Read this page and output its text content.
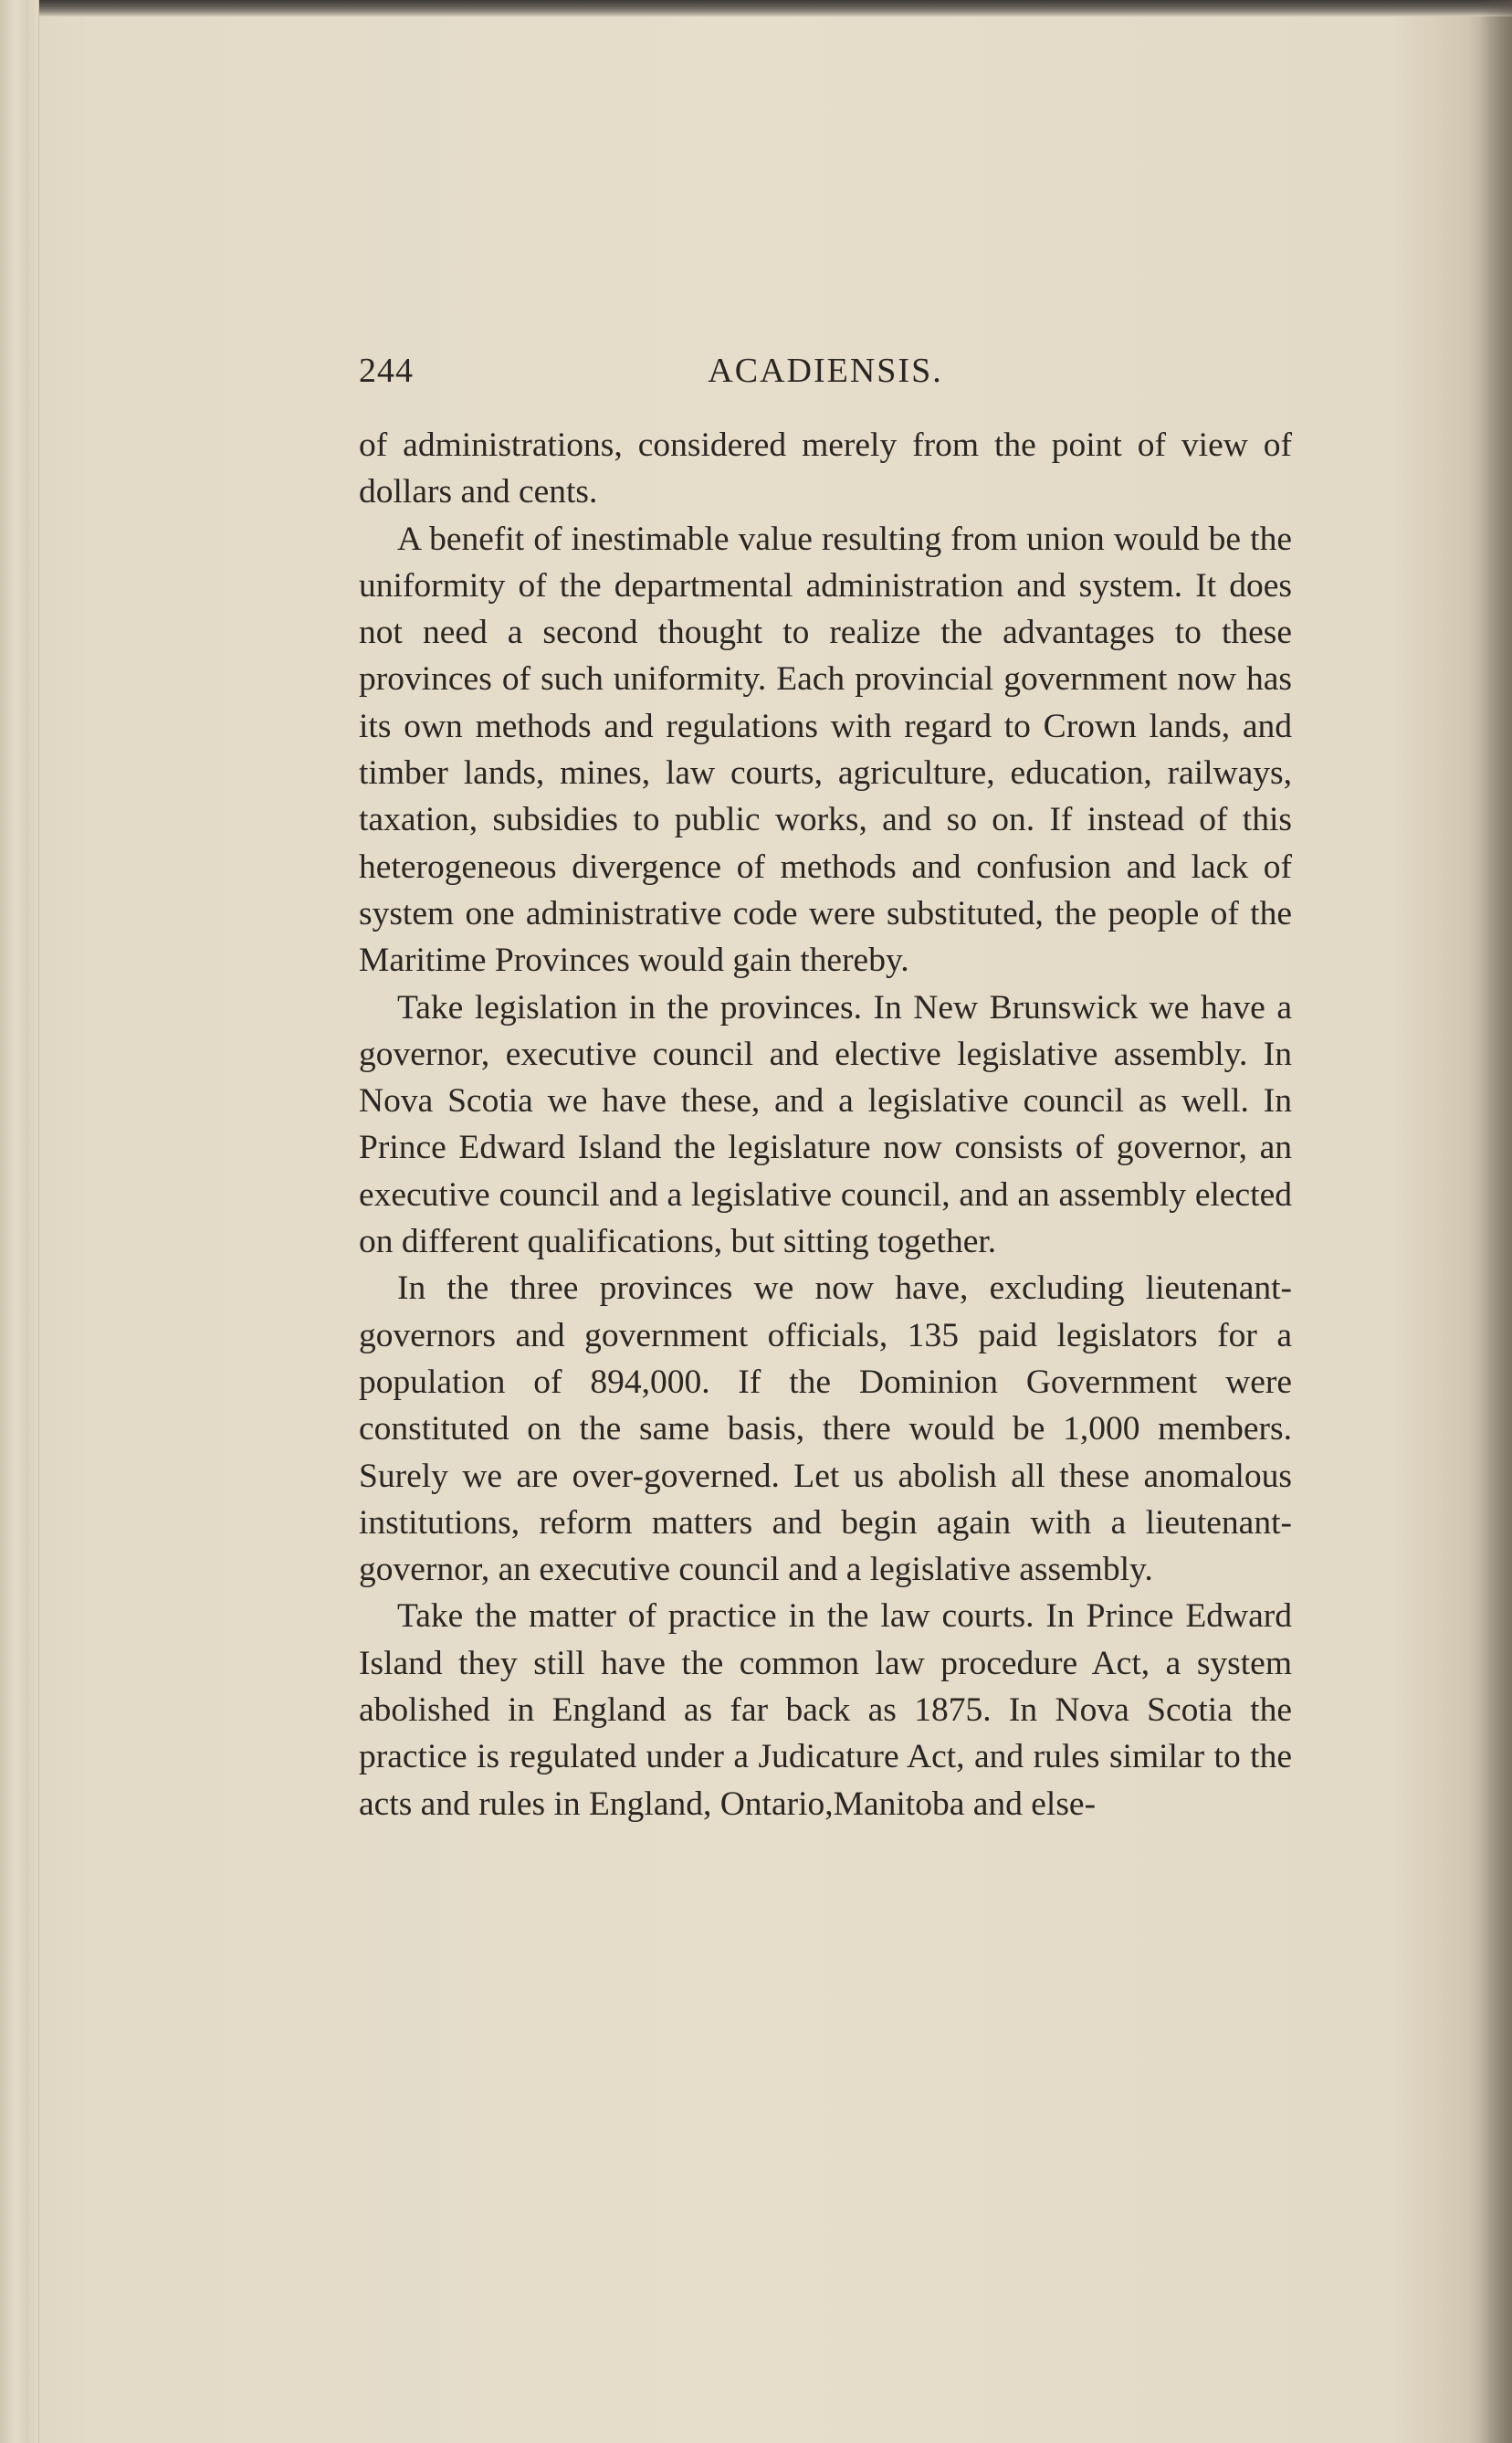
244	ACADIENSIS.

of administrations, considered merely from the point of view of dollars and cents.

A benefit of inestimable value resulting from union would be the uniformity of the departmental administration and system. It does not need a second thought to realize the advantages to these provinces of such uniformity. Each provincial government now has its own methods and regulations with regard to Crown lands, and timber lands, mines, law courts, agriculture, education, railways, taxation, subsidies to public works, and so on. If instead of this heterogeneous divergence of methods and confusion and lack of system one administrative code were substituted, the people of the Maritime Provinces would gain thereby.

Take legislation in the provinces. In New Brunswick we have a governor, executive council and elective legislative assembly. In Nova Scotia we have these, and a legislative council as well. In Prince Edward Island the legislature now consists of governor, an executive council and a legislative council, and an assembly elected on different qualifications, but sitting together.

In the three provinces we now have, excluding lieutenant-governors and government officials, 135 paid legislators for a population of 894,000. If the Dominion Government were constituted on the same basis, there would be 1,000 members. Surely we are over-governed. Let us abolish all these anomalous institutions, reform matters and begin again with a lieutenant-governor, an executive council and a legislative assembly.

Take the matter of practice in the law courts. In Prince Edward Island they still have the common law procedure Act, a system abolished in England as far back as 1875. In Nova Scotia the practice is regulated under a Judicature Act, and rules similar to the acts and rules in England, Ontario,Manitoba and else-
